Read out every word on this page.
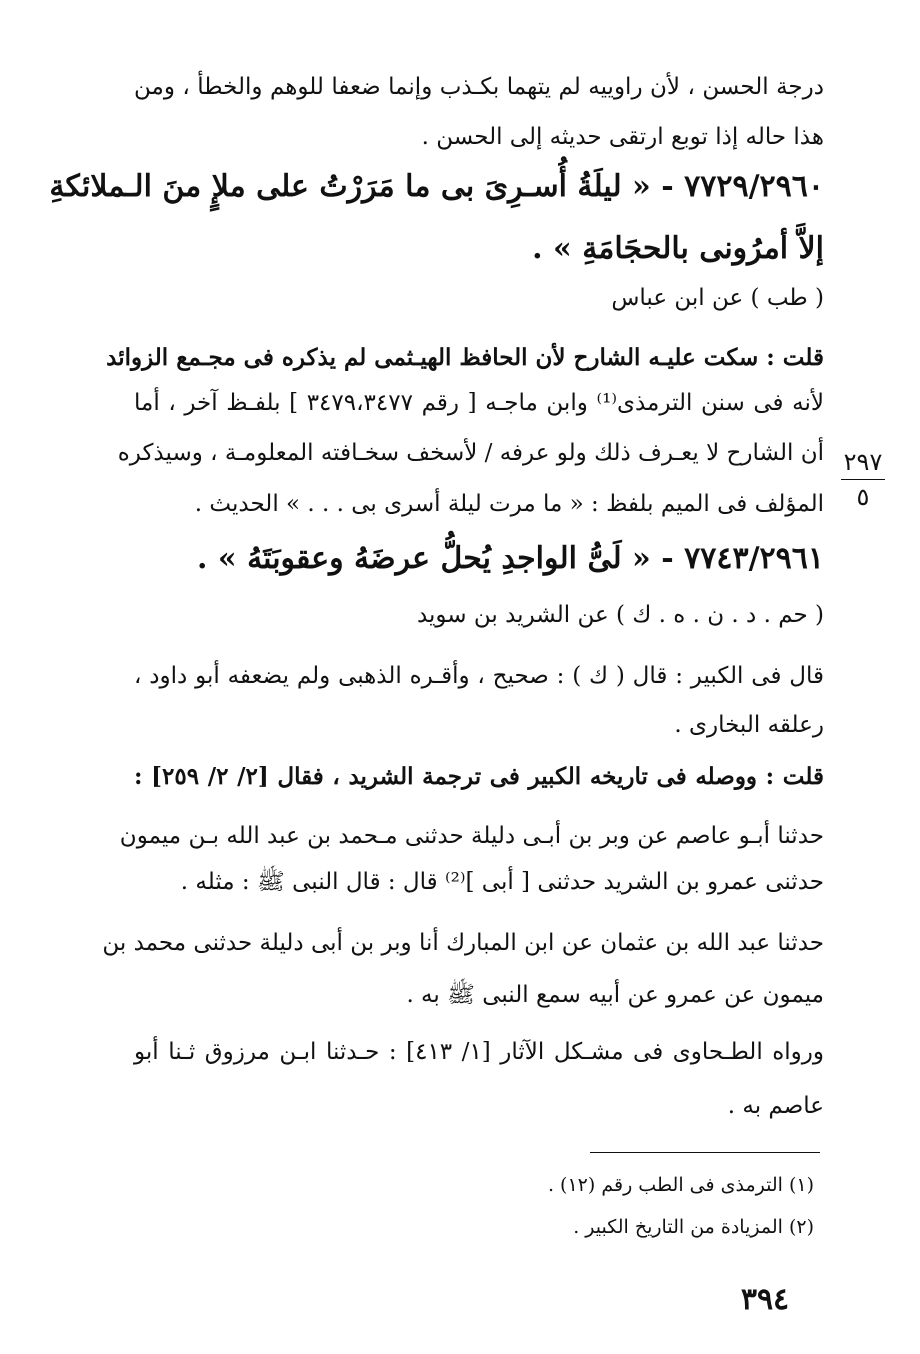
درجة الحسن ، لأن راوييه لم يتهما بكـذب وإنما ضعفا للوهم والخطأ ، ومن
هذا حاله إذا توبع ارتقى حديثه إلى الحسن .
٧٧٢٩/٢٩٦٠ - « ليلَةُ أُسـرِىَ بى ما مَرَرْتُ على ملإٍ منَ الـملائكةِ
إلاَّ أمرُونى بالحجَامَةِ » .
( طب ) عن ابن عباس
قلت : سكت عليـه الشارح لأن الحافظ الهيـثمى لم يذكره فى مجـمع الزوائد
لأنه فى سنن الترمذى⁽¹⁾ وابن ماجـه [ رقم ٣٤٧٩،٣٤٧٧ ] بلفـظ آخر ، أما
أن الشارح لا يعـرف ذلك ولو عرفه / لأسخف سخـافته المعلومـة ، وسيذكره
المؤلف فى الميم بلفظ : « ما مرت ليلة أسرى بى . . . » الحديث .
٧٧٤٣/٢٩٦١ - « لَىُّ الواجدِ يُحلُّ عرضَهُ وعقوبَتَهُ » .
( حم . د . ن . ه . ك ) عن الشريد بن سويد
قال فى الكبير : قال ( ك ) : صحيح ، وأقـره الذهبى ولم يضعفه أبو داود ،
رعلقه البخارى .
قلت : ووصله فى تاريخه الكبير فى ترجمة الشريد ، فقال [٢/ ٢/ ٢٥٩] :
حدثنا أبـو عاصم عن وبر بن أبـى دليلة حدثنى مـحمد بن عبد الله بـن ميمون
حدثنى عمرو بن الشريد حدثنى [ أبى ]⁽²⁾ قال : قال النبى ﷺ : مثله .
حدثنا عبد الله بن عثمان عن ابن المبارك أنا وبر بن أبى دليلة حدثنى محمد بن
ميمون عن عمرو عن أبيه سمع النبى ﷺ به .
ورواه الطـحاوى فى مشـكل الآثار [١/ ٤١٣] : حـدثنا ابـن مرزوق ثـنا أبو
عاصم به .
٢٩٧
٥
(١) الترمذى فى الطب رقم (١٢) .
(٢) المزيادة من التاريخ الكبير .
٣٩٤
